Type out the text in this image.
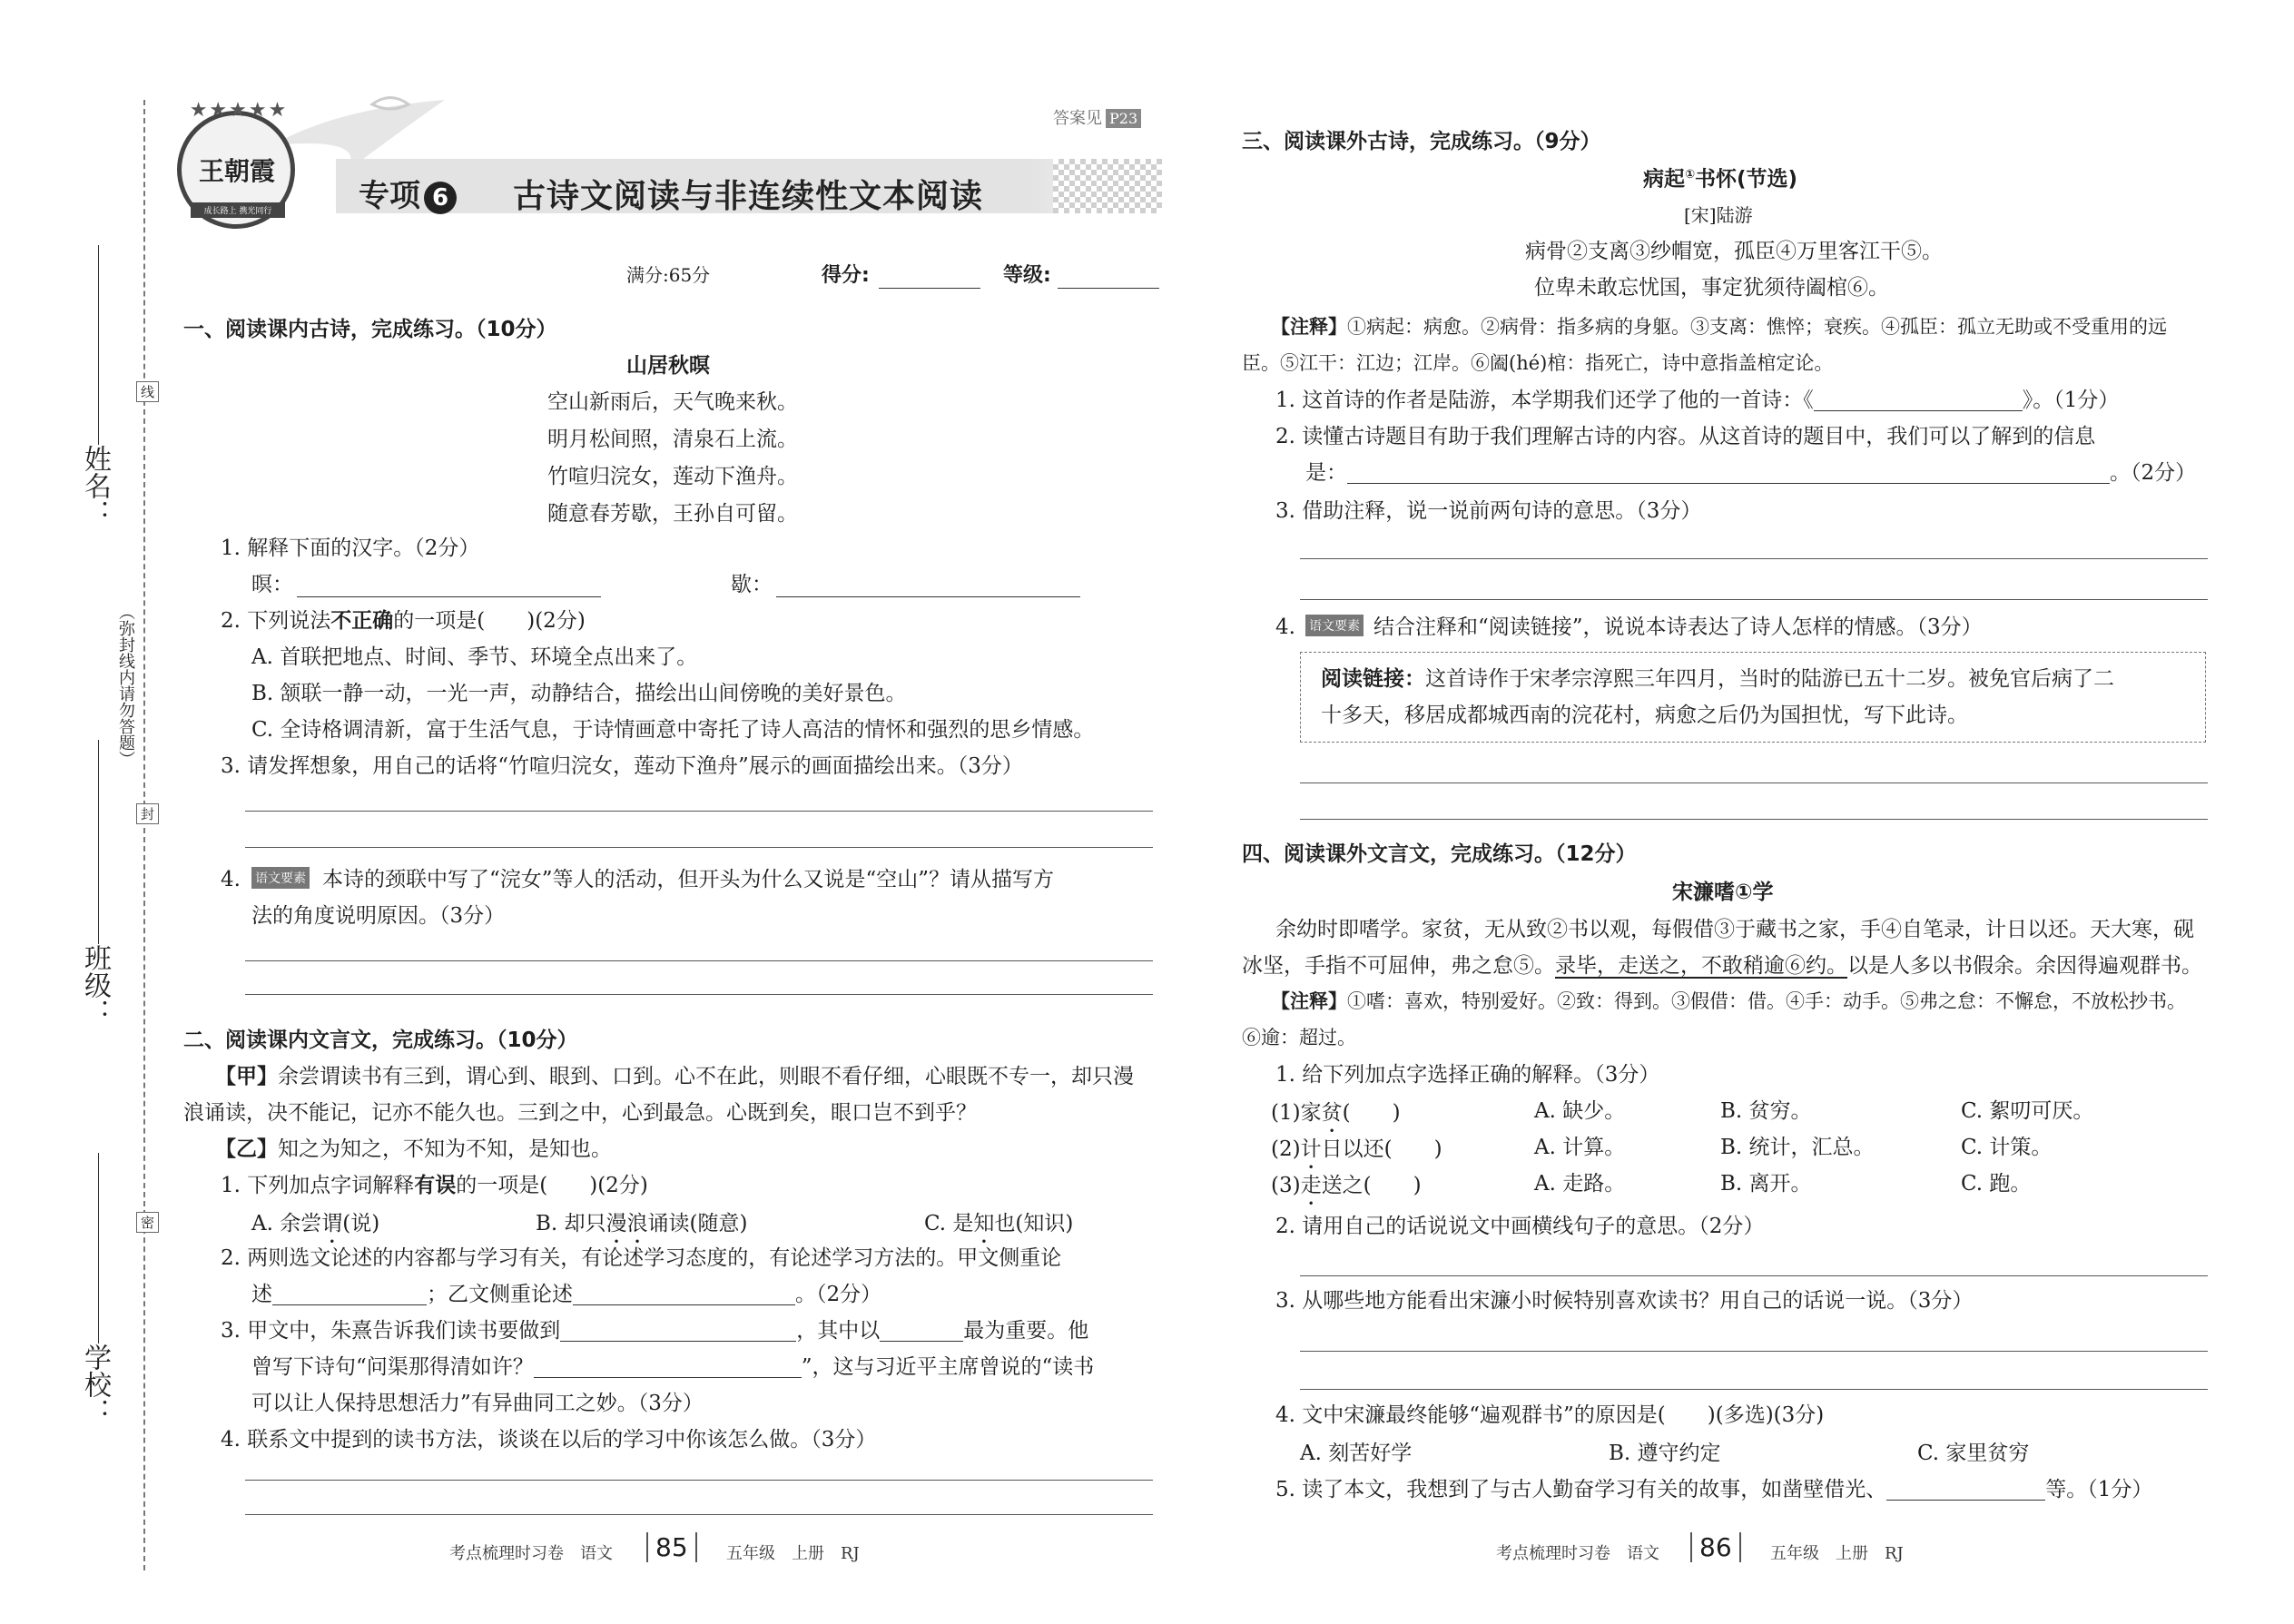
姓名：
班级：
学校：
（弥封线内请勿答题）
线
封
密
★★★★★
王朝霞
成长路上 携光同行
答案见 P23
专项 6 古诗文阅读与非连续性文本阅读
满分:65分	得分:	等级:
一、阅读课内古诗，完成练习。（10分）
山居秋暝
空山新雨后，天气晚来秋。
明月松间照，清泉石上流。
竹喧归浣女，莲动下渔舟。
随意春芳歇，王孙自可留。
1. 解释下面的汉字。（2分）
暝：	歇：
2. 下列说法不正确的一项是(　　)(2分)
A. 首联把地点、时间、季节、环境全点出来了。
B. 颔联一静一动，一光一声，动静结合，描绘出山间傍晚的美好景色。
C. 全诗格调清新，富于生活气息，于诗情画意中寄托了诗人高洁的情怀和强烈的思乡情感。
3. 请发挥想象，用自己的话将“竹喧归浣女，莲动下渔舟”展示的画面描绘出来。（3分）
4. 语文要素 本诗的颈联中写了“浣女”等人的活动，但开头为什么又说是“空山”？请从描写方
法的角度说明原因。（3分）
二、阅读课内文言文，完成练习。（10分）
【甲】余尝谓读书有三到，谓心到、眼到、口到。心不在此，则眼不看仔细，心眼既不专一，却只漫
浪诵读，决不能记，记亦不能久也。三到之中，心到最急。心既到矣，眼口岂不到乎？
【乙】知之为知之，不知为不知，是知也。
1. 下列加点字词解释有误的一项是(　　)(2分)
A. 余尝谓(说)	B. 却只漫浪诵读(随意)	C. 是知也(知识)
2. 两则选文论述的内容都与学习有关，有论述学习态度的，有论述学习方法的。甲文侧重论
述	；乙文侧重论述	。（2分）
3. 甲文中，朱熹告诉我们读书要做到	，其中以	最为重要。他
曾写下诗句“问渠那得清如许？	”，这与习近平主席曾说的“读书
可以让人保持思想活力”有异曲同工之妙。（3分）
4. 联系文中提到的读书方法，谈谈在以后的学习中你该怎么做。（3分）
考点梳理时习卷　语文	85	五年级　上册　RJ
三、阅读课外古诗，完成练习。（9分）
病起①书怀(节选)
[宋]陆游
病骨②支离③纱帽宽，孤臣④万里客江干⑤。
位卑未敢忘忧国，事定犹须待阖棺⑥。
【注释】①病起：病愈。②病骨：指多病的身躯。③支离：憔悴；衰疾。④孤臣：孤立无助或不受重用的远
臣。⑤江干：江边；江岸。⑥阖(hé)棺：指死亡，诗中意指盖棺定论。
1. 这首诗的作者是陆游，本学期我们还学了他的一首诗：《	》。（1分）
2. 读懂古诗题目有助于我们理解古诗的内容。从这首诗的题目中，我们可以了解到的信息
是：	。（2分）
3. 借助注释，说一说前两句诗的意思。（3分）
4. 语文要素 结合注释和“阅读链接”，说说本诗表达了诗人怎样的情感。（3分）
阅读链接：这首诗作于宋孝宗淳熙三年四月，当时的陆游已五十二岁。被免官后病了二
十多天，移居成都城西南的浣花村，病愈之后仍为国担忧，写下此诗。
四、阅读课外文言文，完成练习。（12分）
宋濂嗜①学
余幼时即嗜学。家贫，无从致②书以观，每假借③于藏书之家，手④自笔录，计日以还。天大寒，砚
冰坚，手指不可屈伸，弗之怠⑤。录毕，走送之，不敢稍逾⑥约。以是人多以书假余。余因得遍观群书。
【注释】①嗜：喜欢，特别爱好。②致：得到。③假借：借。④手：动手。⑤弗之怠：不懈怠，不放松抄书。
⑥逾：超过。
1. 给下列加点字选择正确的解释。（3分）
(1)家贫(　　)	A. 缺少。	B. 贫穷。	C. 絮叨可厌。
(2)计日以还(　　)	A. 计算。	B. 统计，汇总。	C. 计策。
(3)走送之(　　)	A. 走路。	B. 离开。	C. 跑。
2. 请用自己的话说说文中画横线句子的意思。（2分）
3. 从哪些地方能看出宋濂小时候特别喜欢读书？用自己的话说一说。（3分）
4. 文中宋濂最终能够“遍观群书”的原因是(　　)(多选)(3分)
A. 刻苦好学	B. 遵守约定	C. 家里贫穷
5. 读了本文，我想到了与古人勤奋学习有关的故事，如凿壁借光、	等。（1分）
考点梳理时习卷　语文	86	五年级　上册　RJ
